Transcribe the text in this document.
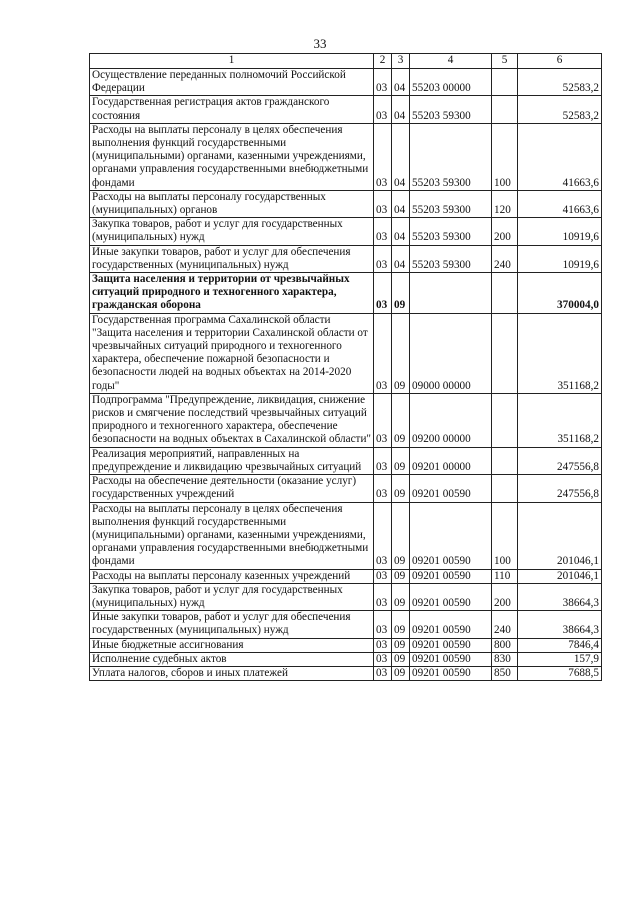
33
1	2	3	4	5	6
Осуществление переданных полномочий Российской Федерации	03	04	55203 00000		52583,2
Государственная регистрация актов гражданского состояния	03	04	55203 59300		52583,2
Расходы на выплаты персоналу в целях обеспечения выполнения функций государственными (муниципальными) органами, казенными учреждениями, органами управления государственными внебюджетными фондами	03	04	55203 59300	100	41663,6
Расходы на выплаты персоналу государственных (муниципальных) органов	03	04	55203 59300	120	41663,6
Закупка товаров, работ и услуг для государственных (муниципальных) нужд	03	04	55203 59300	200	10919,6
Иные закупки товаров, работ и услуг для обеспечения государственных (муниципальных) нужд	03	04	55203 59300	240	10919,6
Защита населения и территории от чрезвычайных ситуаций природного и техногенного характера, гражданская оборона	03	09			370004,0
Государственная программа Сахалинской области "Защита населения и территории Сахалинской области от чрезвычайных ситуаций природного и техногенного характера, обеспечение пожарной безопасности и безопасности людей на водных объектах на 2014-2020 годы"	03	09	09000 00000		351168,2
Подпрограмма "Предупреждение, ликвидация, снижение рисков и смягчение последствий чрезвычайных ситуаций природного и техногенного характера, обеспечение безопасности на водных объектах в Сахалинской области"	03	09	09200 00000		351168,2
Реализация мероприятий, направленных на предупреждение и ликвидацию чрезвычайных ситуаций	03	09	09201 00000		247556,8
Расходы на обеспечение деятельности (оказание услуг) государственных учреждений	03	09	09201 00590		247556,8
Расходы на выплаты персоналу в целях обеспечения выполнения функций государственными (муниципальными) органами, казенными учреждениями, органами управления государственными внебюджетными фондами	03	09	09201 00590	100	201046,1
Расходы на выплаты персоналу казенных учреждений	03	09	09201 00590	110	201046,1
Закупка товаров, работ и услуг для государственных (муниципальных) нужд	03	09	09201 00590	200	38664,3
Иные закупки товаров, работ и услуг для обеспечения государственных (муниципальных) нужд	03	09	09201 00590	240	38664,3
Иные бюджетные ассигнования	03	09	09201 00590	800	7846,4
Исполнение судебных актов	03	09	09201 00590	830	157,9
Уплата налогов, сборов и иных платежей	03	09	09201 00590	850	7688,5
